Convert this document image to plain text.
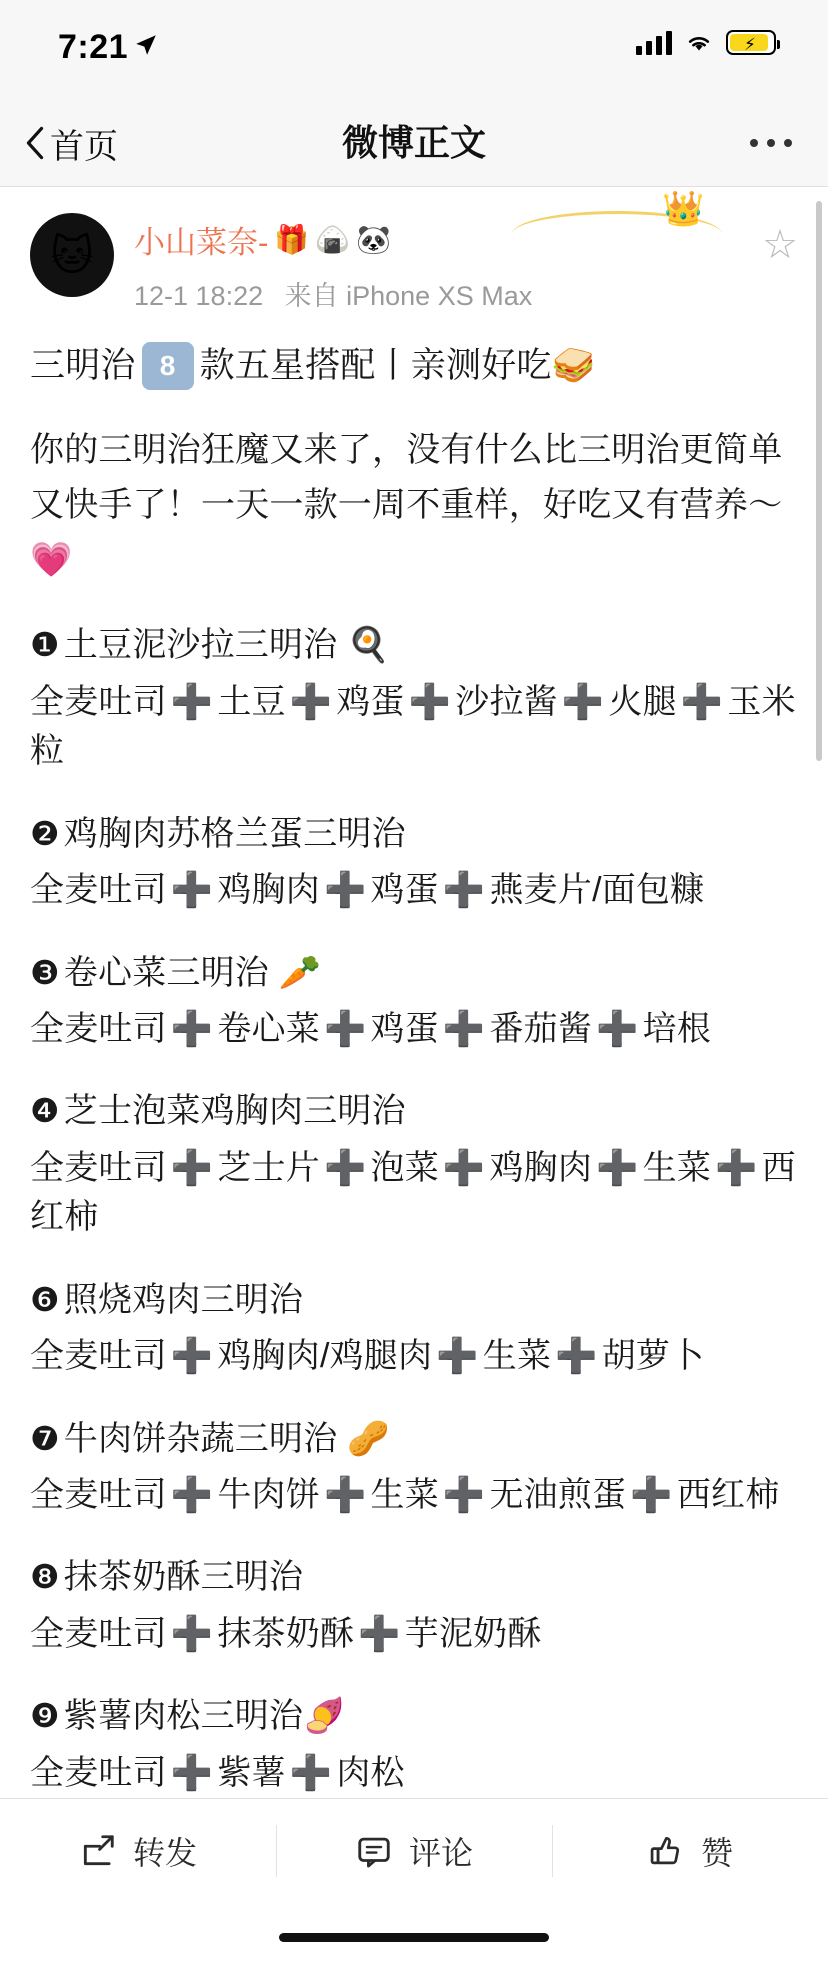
7:21	⚡
首页	微博正文
👑
🐱	小山菜奈- 🎁 🍙 🐼
12-1 18:22 来自 iPhone XS Max
☆
三明治 8 款五星搭配丨亲测好吃 🥪
你的三明治狂魔又来了，没有什么比三明治更简单又快手了！一天一款一周不重样，好吃又有营养～💗
❶ 土豆泥沙拉三明治 🍳
全麦吐司 ➕ 土豆 ➕ 鸡蛋 ➕ 沙拉酱 ➕ 火腿 ➕ 玉米粒
❷ 鸡胸肉苏格兰蛋三明治
全麦吐司 ➕ 鸡胸肉 ➕ 鸡蛋 ➕ 燕麦片/面包糠
❸ 卷心菜三明治 🥕
全麦吐司 ➕ 卷心菜 ➕ 鸡蛋 ➕ 番茄酱 ➕ 培根
❹ 芝士泡菜鸡胸肉三明治
全麦吐司 ➕ 芝士片 ➕ 泡菜 ➕ 鸡胸肉 ➕ 生菜 ➕ 西红柿
❻ 照烧鸡肉三明治
全麦吐司 ➕ 鸡胸肉/鸡腿肉 ➕ 生菜 ➕ 胡萝卜
❼ 牛肉饼杂蔬三明治 🥜
全麦吐司 ➕ 牛肉饼 ➕ 生菜 ➕ 无油煎蛋 ➕ 西红柿
❽ 抹茶奶酥三明治
全麦吐司 ➕ 抹茶奶酥 ➕ 芋泥奶酥
❾ 紫薯肉松三明治🍠
全麦吐司 ➕ 紫薯 ➕ 肉松
转发	评论	赞
